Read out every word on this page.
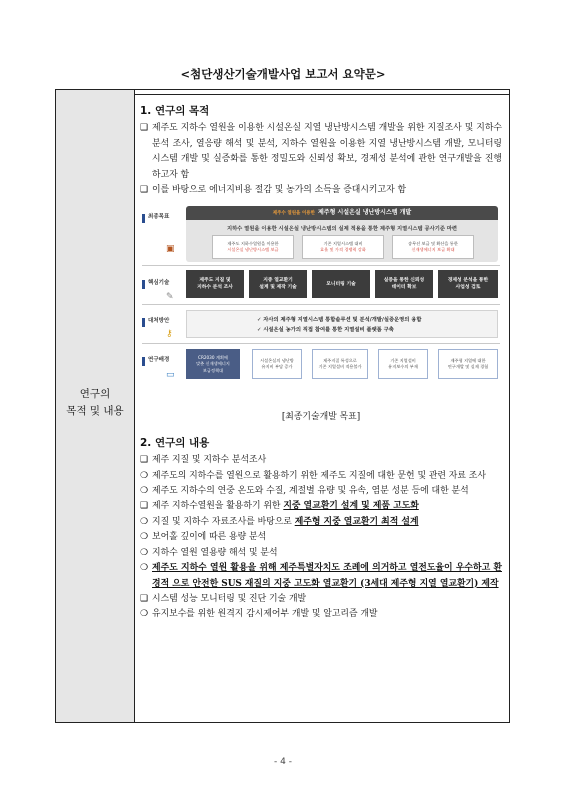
<첨단생산기술개발사업 보고서 요약문>
연구의
목적 및 내용
1. 연구의 목적
❑ 제주도 지하수 열원을 이용한 시설온실 지열 냉난방시스템 개발을 위한 지질조사 및 지하수 분석 조사, 열응량 해석 및 분석, 지하수 열원을 이용한 지열 냉난방시스템 개발, 모니터링 시스템 개발 및 실증화를 통한 정밀도와 신뢰성 확보, 경제성 분석에 관한 연구개발을 진행하고자 함
❑ 이를 바탕으로 에너지비용 절감 및 농가의 소득을 증대시키고자 함
최종목표
▣
제주수 열원을 이용한 제주형 시설온실 냉난방시스템 개발
지하수 열원을 이용한 시설온실 냉난방시스템의 실제 적용을 통한 제주형 지열시스템 공사기준 마련
제주도 지하수열원을 이용한
시설온실 냉난방시스템 보급
기존 지열시스템 대비
효율 및 가격 경쟁력 강화
송무선 보급 및 확산을 통한
신재생에너지 보급 확대
핵심기술
✎
제주도 지질 및
지하수 분석 조사
지중 열교환기
설계 및 제작 기술
모니터링 기술
실증을 통한 신뢰성
데이터 확보
경제성 분석을 통한
사업성 검토
대처방안
⚷
✓ 자사의 제주형 지열시스템 통합솔루션 및 분석/개발/실증운영의 융합
✓ 시설온실 농가의 직접 참여를 통한 지열설비 플랫폼 구축
연구배경
▭
CR2030 계획에
맞춘 신재생에너지
보급정책대
시설온실의 냉난방
유지비 부담 증가
제주지질 특성으로
기존 지열설비 적용불가
기존 지열설비
유지보수의 부재
제주형 지열에 대한
연구개발 및 실제 경험
[최종기술개발 목표]
2. 연구의 내용
❑ 제주 지질 및 지하수 분석조사
❍ 제주도의 지하수를 열원으로 활용하기 위한 제주도 지질에 대한 문헌 및 관련 자료 조사
❍ 제주도 지하수의 연중 온도와 수질, 계절별 유량 및 유속, 염분 성분 등에 대한 분석
❑ 제주 지하수열원을 활용하기 위한 지중 열교환기 설계 및 제품 고도화
❍ 지질 및 지하수 자료조사를 바탕으로 제주형 지중 열교환기 최적 설계
❍ 보어홀 깊이에 따른 용량 분석
❍ 지하수 열원 열용량 해석 및 분석
❍ 제주도 지하수 열원 활용을 위해 제주특별자치도 조례에 의거하고 열전도율이 우수하고 환경적 으로 안전한 SUS 재질의 지중 고도화 열교환기 (3세대 제주형 지열 열교환기) 제작
❑ 시스템 성능 모니터링 및 진단 기술 개발
❍ 유지보수를 위한 원격지 감시제어부 개발 및 알고리즘 개발
- 4 -
